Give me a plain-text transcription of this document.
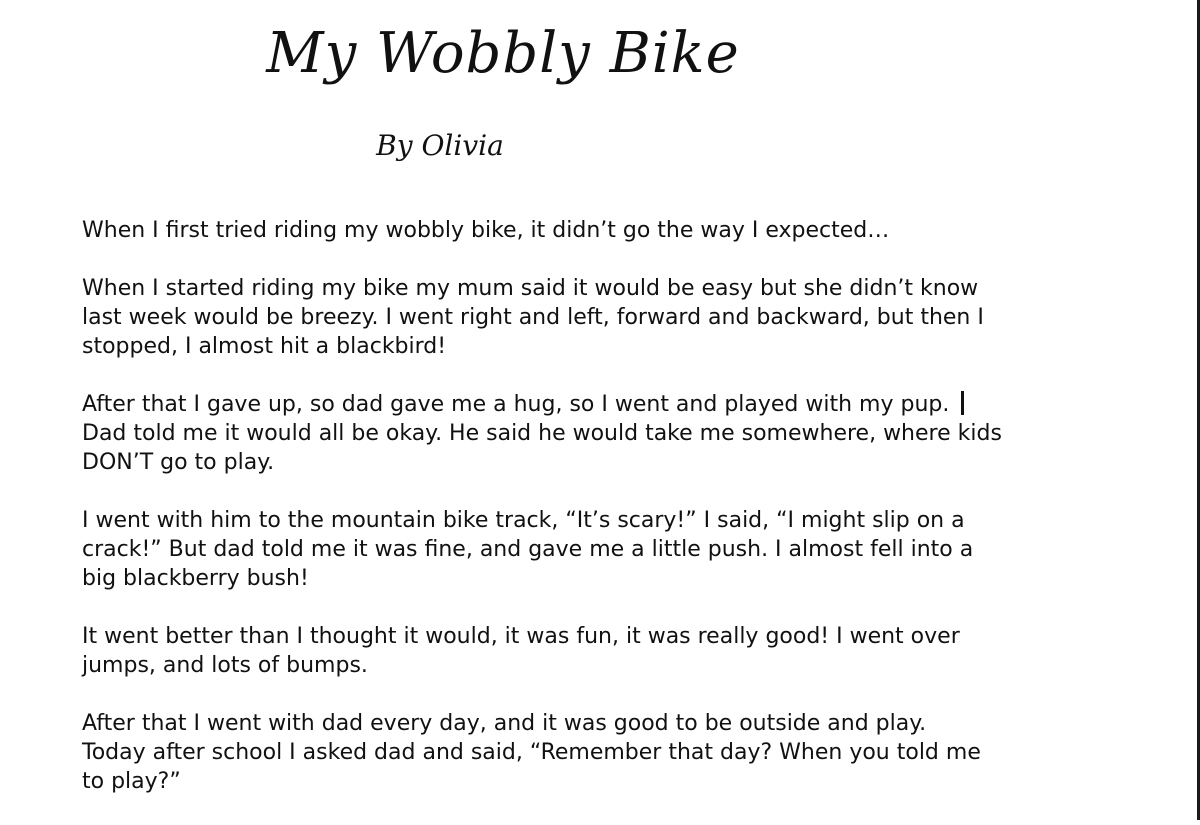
My Wobbly Bike
By Olivia

When I first tried riding my wobbly bike, it didn’t go the way I expected…

When I started riding my bike my mum said it would be easy but she didn’t know
last week would be breezy. I went right and left, forward and backward, but then I
stopped, I almost hit a blackbird!

After that I gave up, so dad gave me a hug, so I went and played with my pup.
Dad told me it would all be okay. He said he would take me somewhere, where kids
DON’T go to play.

I went with him to the mountain bike track, “It’s scary!” I said, “I might slip on a
crack!” But dad told me it was fine, and gave me a little push. I almost fell into a
big blackberry bush!

It went better than I thought it would, it was fun, it was really good! I went over
jumps, and lots of bumps.

After that I went with dad every day, and it was good to be outside and play.
Today after school I asked dad and said, “Remember that day? When you told me
to play?”
